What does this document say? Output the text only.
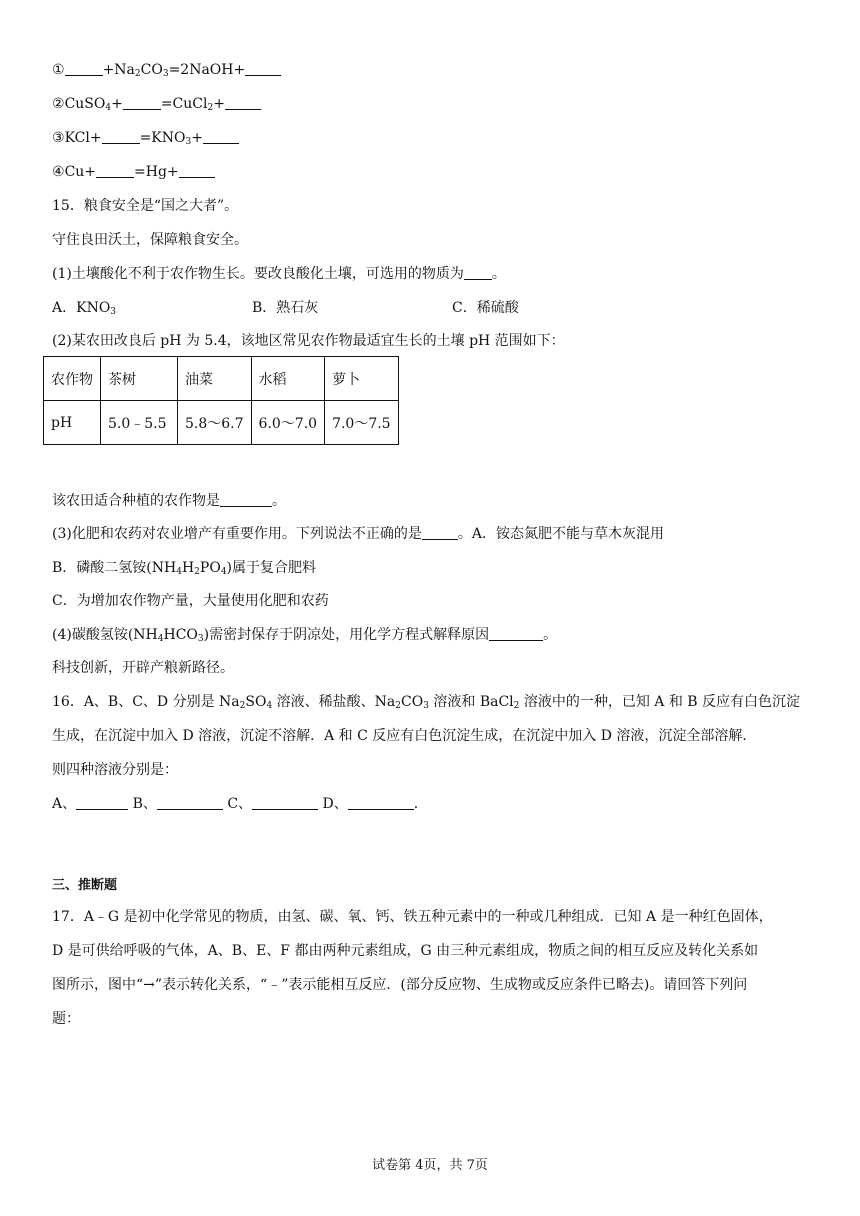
①	$+Na_2CO_3=2NaOH+$
②CuSO$_4$+	=CuCl$_2$+
③KCl+	$=KNO_3+$
④Cu+	=Hg+
15．粮食安全是“国之大者”。
守住良田沃土，保障粮食安全。
(1)土壤酸化不利于农作物生长。要改良酸化土壤，可选用的物质为 。
A．$KNO_3$	B．熟石灰	C．稀硫酸
(2)某农田改良后 pH 为 5.4，该地区常见农作物最适宜生长的土壤 pH 范围如下：
农作物	茶树	油菜	水稻	萝卜
pH	5.0﹣5.5	5.8～6.7	6.0～7.0	7.0～7.5
该农田适合种植的农作物是	。
(3)化肥和农药对农业增产有重要作用。下列说法不正确的是	。A．铵态氮肥不能与草木灰混用
B．磷酸二氢铵$(NH_4H_2PO_4)$属于复合肥料
C．为增加农作物产量，大量使用化肥和农药
(4)碳酸氢铵$(NH_4HCO_3)$需密封保存于阴凉处，用化学方程式解释原因	。
科技创新，开辟产粮新路径。
16．A、B、C、D 分别是 $Na_2SO_4$ 溶液、稀盐酸、$Na_2CO_3$ 溶液和 BaCl$_2$ 溶液中的一种，已知 A 和 B 反应有白色沉淀
生成，在沉淀中加入 D 溶液，沉淀不溶解．A 和 C 反应有白色沉淀生成，在沉淀中加入 D 溶液，沉淀全部溶解．
则四种溶液分别是：
A、	B、	C、	D、	.
三、推断题
17．A﹣G 是初中化学常见的物质，由氢、碳、氧、钙、铁五种元素中的一种或几种组成．已知 A 是一种红色固体，
D 是可供给呼吸的气体，A、B、E、F 都由两种元素组成，G 由三种元素组成，物质之间的相互反应及转化关系如
图所示，图中“→”表示转化关系，“﹣”表示能相互反应．(部分反应物、生成物或反应条件已略去)。请回答下列问
题：
试卷第 4页，共 7页
